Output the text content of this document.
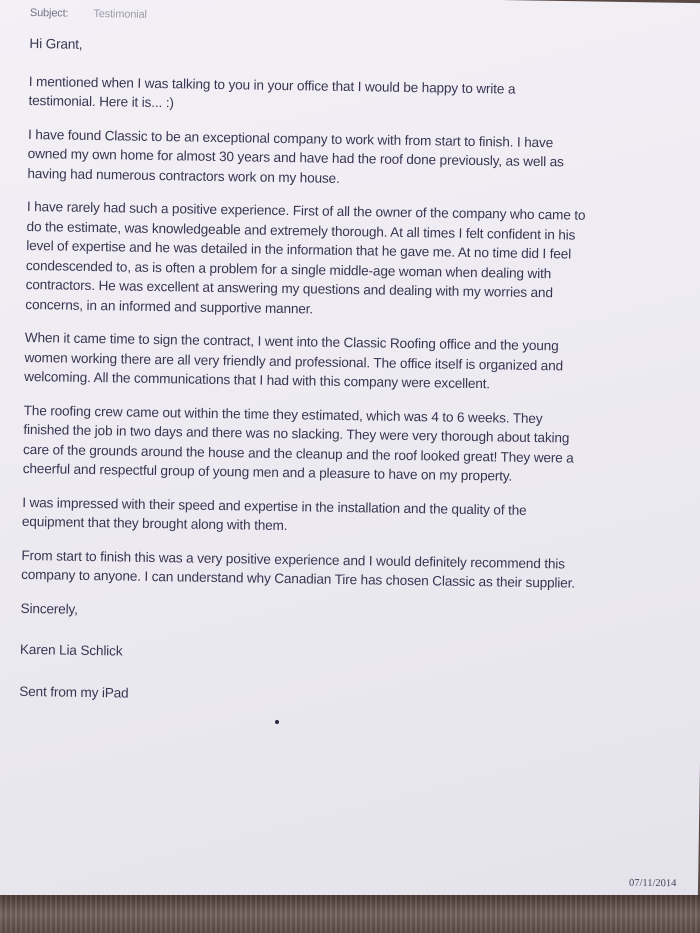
Subject: Testimonial
Hi Grant,
I mentioned when I was talking to you in your office that I would be happy to write a
testimonial. Here it is... :)
I have found Classic to be an exceptional company to work with from start to finish. I have
owned my own home for almost 30 years and have had the roof done previously, as well as
having had numerous contractors work on my house.
I have rarely had such a positive experience. First of all the owner of the company who came to
do the estimate, was knowledgeable and extremely thorough. At all times I felt confident in his
level of expertise and he was detailed in the information that he gave me. At no time did I feel
condescended to, as is often a problem for a single middle-age woman when dealing with
contractors. He was excellent at answering my questions and dealing with my worries and
concerns, in an informed and supportive manner.
When it came time to sign the contract, I went into the Classic Roofing office and the young
women working there are all very friendly and professional. The office itself is organized and
welcoming. All the communications that I had with this company were excellent.
The roofing crew came out within the time they estimated, which was 4 to 6 weeks. They
finished the job in two days and there was no slacking. They were very thorough about taking
care of the grounds around the house and the cleanup and the roof looked great! They were a
cheerful and respectful group of young men and a pleasure to have on my property.
I was impressed with their speed and expertise in the installation and the quality of the
equipment that they brought along with them.
From start to finish this was a very positive experience and I would definitely recommend this
company to anyone. I can understand why Canadian Tire has chosen Classic as their supplier.
Sincerely,
Karen Lia Schlick
Sent from my iPad
07/11/2014
